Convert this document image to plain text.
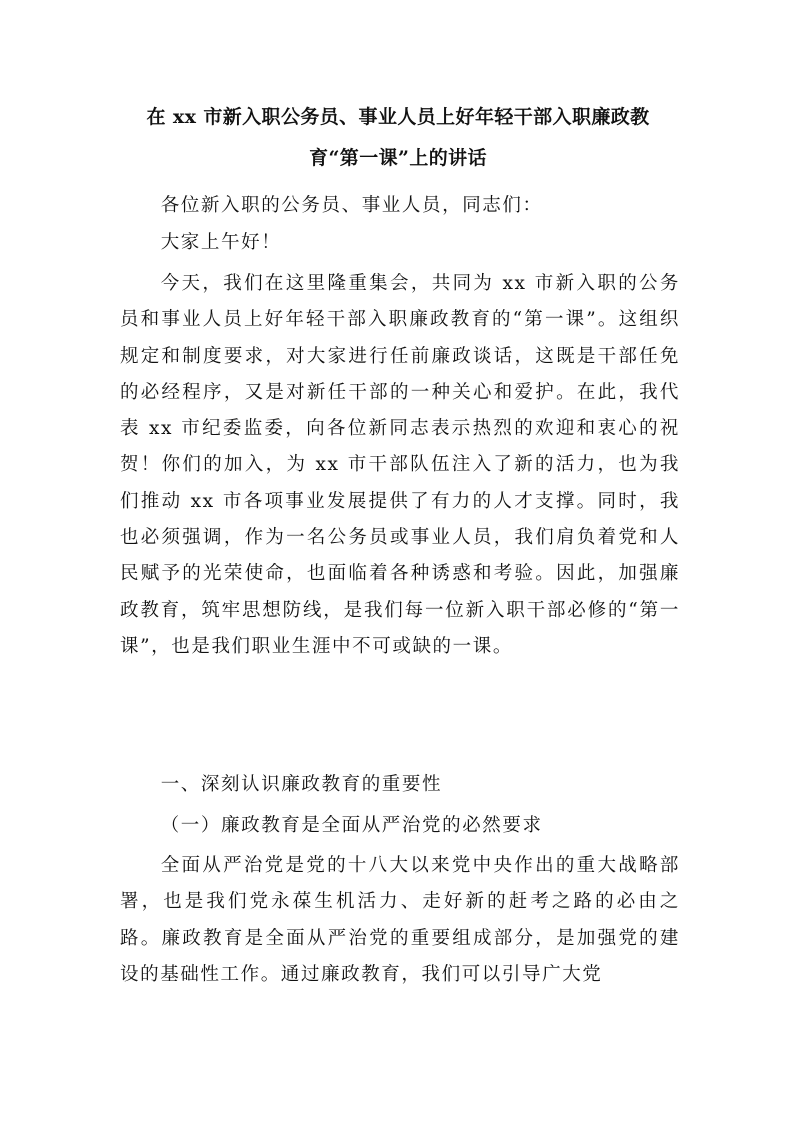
在 xx 市新入职公务员、事业人员上好年轻干部入职廉政教
育“第一课”上的讲话
各位新入职的公务员、事业人员，同志们：
大家上午好！
今天，我们在这里隆重集会，共同为 xx 市新入职的公务员和事业人员上好年轻干部入职廉政教育的“第一课”。这组织规定和制度要求，对大家进行任前廉政谈话，这既是干部任免的必经程序，又是对新任干部的一种关心和爱护。在此，我代表 xx 市纪委监委，向各位新同志表示热烈的欢迎和衷心的祝贺！你们的加入，为 xx 市干部队伍注入了新的活力，也为我们推动 xx 市各项事业发展提供了有力的人才支撑。同时，我也必须强调，作为一名公务员或事业人员，我们肩负着党和人民赋予的光荣使命，也面临着各种诱惑和考验。因此，加强廉政教育，筑牢思想防线，是我们每一位新入职干部必修的“第一课”，也是我们职业生涯中不可或缺的一课。
一、深刻认识廉政教育的重要性
（一）廉政教育是全面从严治党的必然要求
全面从严治党是党的十八大以来党中央作出的重大战略部署，也是我们党永葆生机活力、走好新的赶考之路的必由之路。廉政教育是全面从严治党的重要组成部分，是加强党的建设的基础性工作。通过廉政教育，我们可以引导广大党
